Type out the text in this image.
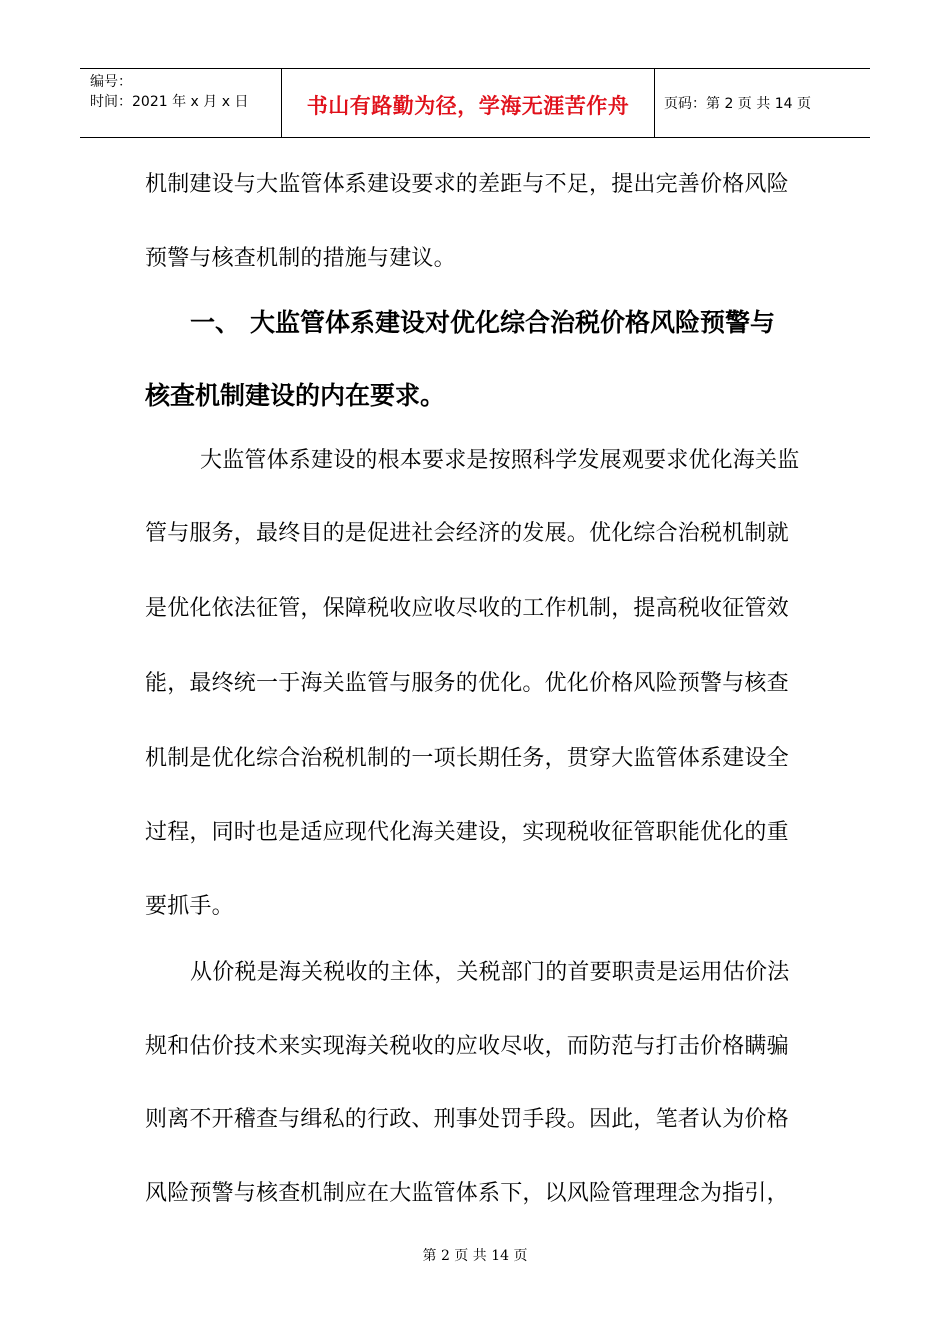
编号：
时间：2021 年 x 月 x 日	书山有路勤为径，学海无涯苦作舟	页码：第 2 页 共 14 页
机制建设与大监管体系建设要求的差距与不足，提出完善价格风险
预警与核查机制的措施与建议。
一、 大监管体系建设对优化综合治税价格风险预警与
核查机制建设的内在要求。
大监管体系建设的根本要求是按照科学发展观要求优化海关监
管与服务，最终目的是促进社会经济的发展。优化综合治税机制就
是优化依法征管，保障税收应收尽收的工作机制，提高税收征管效
能，最终统一于海关监管与服务的优化。优化价格风险预警与核查
机制是优化综合治税机制的一项长期任务，贯穿大监管体系建设全
过程，同时也是适应现代化海关建设，实现税收征管职能优化的重
要抓手。
从价税是海关税收的主体，关税部门的首要职责是运用估价法
规和估价技术来实现海关税收的应收尽收，而防范与打击价格瞒骗
则离不开稽查与缉私的行政、刑事处罚手段。因此，笔者认为价格
风险预警与核查机制应在大监管体系下，以风险管理理念为指引，
第 2 页 共 14 页
